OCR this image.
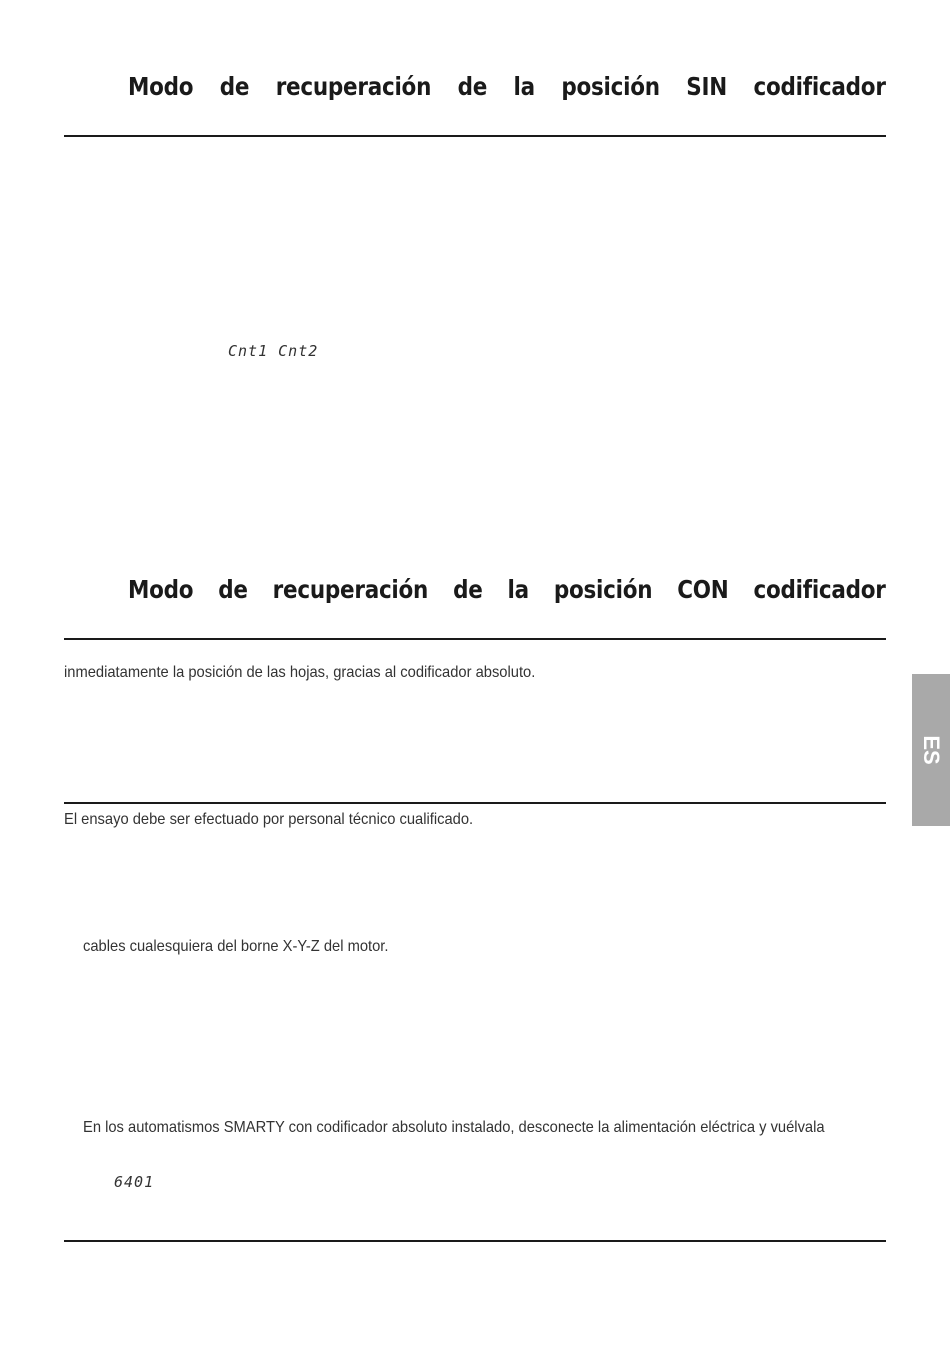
Modo de recuperación de la posición SIN codificador
Cnt1 Cnt2
Modo de recuperación de la posición CON codificador
inmediatamente la posición de las hojas, gracias al codificador absoluto.
El ensayo debe ser efectuado por personal técnico cualificado.
cables cualesquiera del borne X-Y-Z del motor.
En los automatismos SMARTY con codificador absoluto instalado, desconecte la alimentación eléctrica y vuélvala
6401
ES
